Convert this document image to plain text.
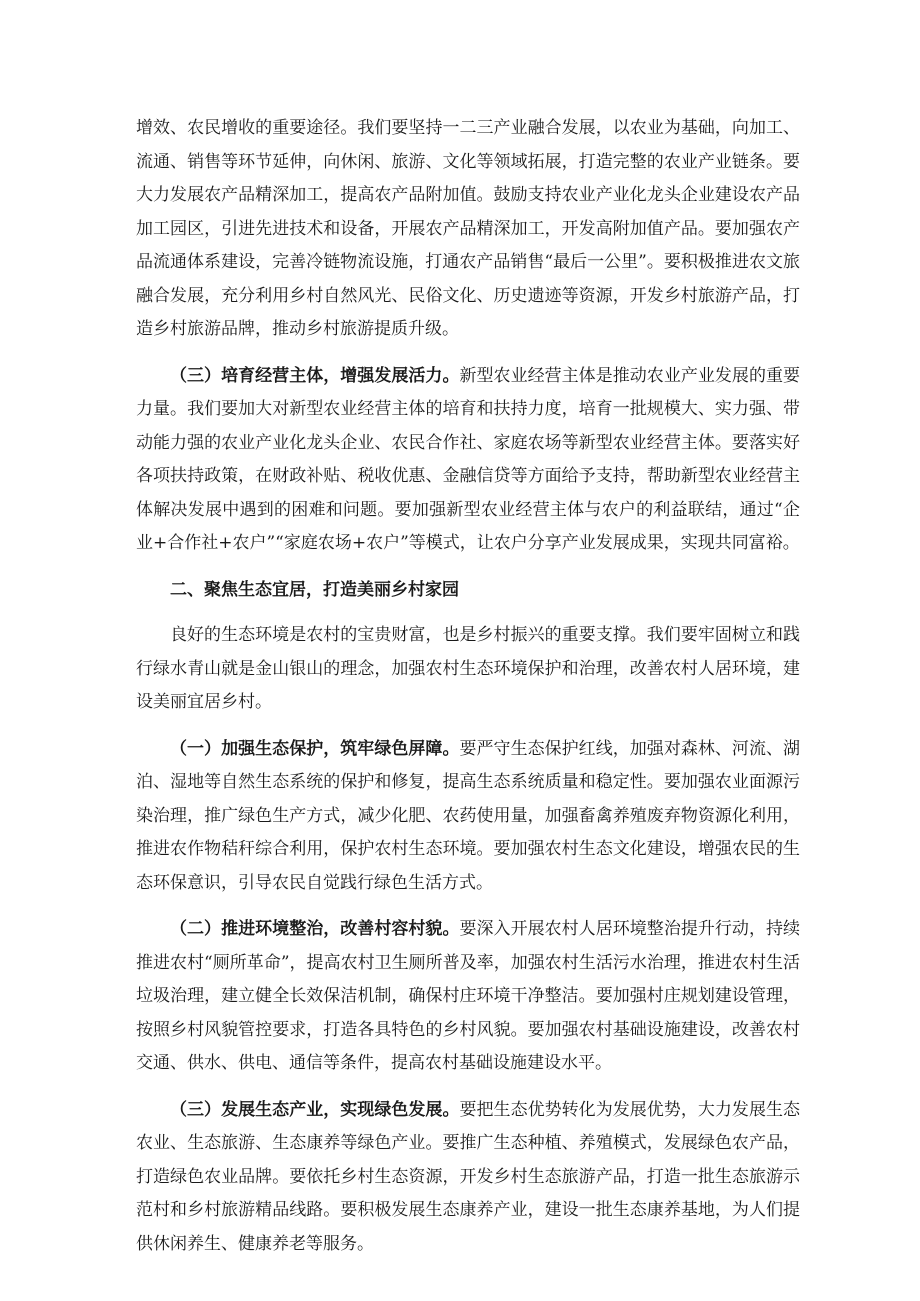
增效、农民增收的重要途径。我们要坚持一二三产业融合发展，以农业为基础，向加工、流通、销售等环节延伸，向休闲、旅游、文化等领域拓展，打造完整的农业产业链条。要大力发展农产品精深加工，提高农产品附加值。鼓励支持农业产业化龙头企业建设农产品加工园区，引进先进技术和设备，开展农产品精深加工，开发高附加值产品。要加强农产品流通体系建设，完善冷链物流设施，打通农产品销售“最后一公里”。要积极推进农文旅融合发展，充分利用乡村自然风光、民俗文化、历史遗迹等资源，开发乡村旅游产品，打造乡村旅游品牌，推动乡村旅游提质升级。

（三）培育经营主体，增强发展活力。新型农业经营主体是推动农业产业发展的重要力量。我们要加大对新型农业经营主体的培育和扶持力度，培育一批规模大、实力强、带动能力强的农业产业化龙头企业、农民合作社、家庭农场等新型农业经营主体。要落实好各项扶持政策，在财政补贴、税收优惠、金融信贷等方面给予支持，帮助新型农业经营主体解决发展中遇到的困难和问题。要加强新型农业经营主体与农户的利益联结，通过“企业+合作社+农户”“家庭农场+农户”等模式，让农户分享产业发展成果，实现共同富裕。

二、聚焦生态宜居，打造美丽乡村家园

良好的生态环境是农村的宝贵财富，也是乡村振兴的重要支撑。我们要牢固树立和践行绿水青山就是金山银山的理念，加强农村生态环境保护和治理，改善农村人居环境，建设美丽宜居乡村。

（一）加强生态保护，筑牢绿色屏障。要严守生态保护红线，加强对森林、河流、湖泊、湿地等自然生态系统的保护和修复，提高生态系统质量和稳定性。要加强农业面源污染治理，推广绿色生产方式，减少化肥、农药使用量，加强畜禽养殖废弃物资源化利用，推进农作物秸秆综合利用，保护农村生态环境。要加强农村生态文化建设，增强农民的生态环保意识，引导农民自觉践行绿色生活方式。

（二）推进环境整治，改善村容村貌。要深入开展农村人居环境整治提升行动，持续推进农村“厕所革命”，提高农村卫生厕所普及率，加强农村生活污水治理，推进农村生活垃圾治理，建立健全长效保洁机制，确保村庄环境干净整洁。要加强村庄规划建设管理，按照乡村风貌管控要求，打造各具特色的乡村风貌。要加强农村基础设施建设，改善农村交通、供水、供电、通信等条件，提高农村基础设施建设水平。

（三）发展生态产业，实现绿色发展。要把生态优势转化为发展优势，大力发展生态农业、生态旅游、生态康养等绿色产业。要推广生态种植、养殖模式，发展绿色农产品，打造绿色农业品牌。要依托乡村生态资源，开发乡村生态旅游产品，打造一批生态旅游示范村和乡村旅游精品线路。要积极发展生态康养产业，建设一批生态康养基地，为人们提供休闲养生、健康养老等服务。
